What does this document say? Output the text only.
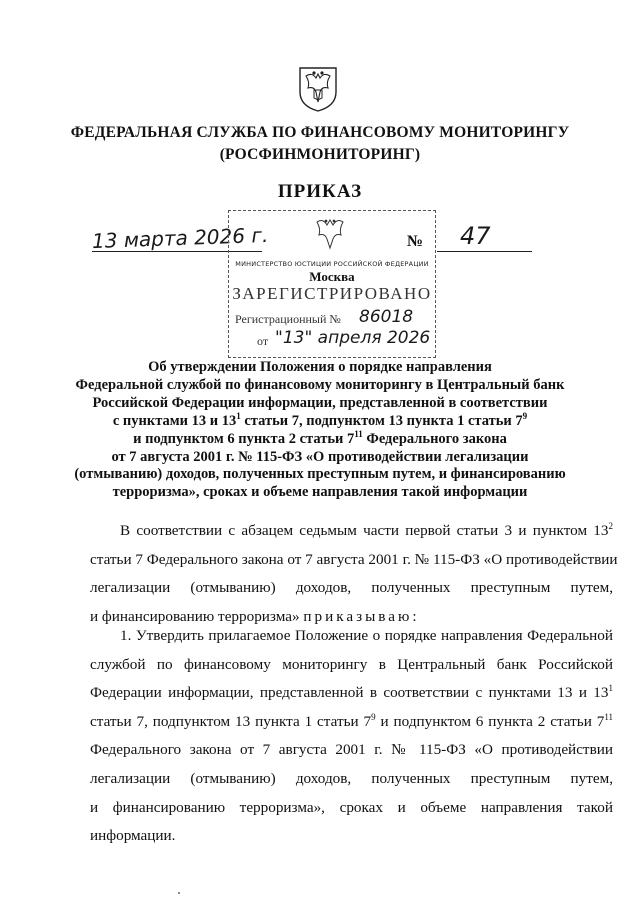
ФЕДЕРАЛЬНАЯ СЛУЖБА ПО ФИНАНСОВОМУ МОНИТОРИНГУ
(РОСФИНМОНИТОРИНГ)
ПРИКАЗ
13 марта 2026 г.	№ 47
МИНИСТЕРСТВО ЮСТИЦИИ РОССИЙСКОЙ ФЕДЕРАЦИИ
Москва
ЗАРЕГИСТРИРОВАНО
Регистрационный № 86018
от "13" апреля 2026
Об утверждении Положения о порядке направления
Федеральной службой по финансовому мониторингу в Центральный банк
Российской Федерации информации, представленной в соответствии
с пунктами 13 и $13^1$ статьи 7, подпунктом 13 пункта 1 статьи $7^9$
и подпунктом 6 пункта 2 статьи $7^{11}$ Федерального закона
от 7 августа 2001 г. № 115-ФЗ «О противодействии легализации
(отмыванию) доходов, полученных преступным путем, и финансированию
терроризма», сроках и объеме направления такой информации
В соответствии с абзацем седьмым части первой статьи 3 и пунктом $13^2$
статьи 7 Федерального закона от 7 августа 2001 г. № 115-ФЗ «О противодействии
легализации (отмыванию) доходов, полученных преступным путем,
и финансированию терроризма» приказываю:
1. Утвердить прилагаемое Положение о порядке направления Федеральной
службой по финансовому мониторингу в Центральный банк Российской
Федерации информации, представленной в соответствии с пунктами 13 и $13^1$
статьи 7, подпунктом 13 пункта 1 статьи $7^9$ и подпунктом 6 пункта 2 статьи $7^{11}$
Федерального закона от 7 августа 2001 г. № 115-ФЗ «О противодействии
легализации (отмыванию) доходов, полученных преступным путем,
и финансированию терроризма», сроках и объеме направления такой
информации.
